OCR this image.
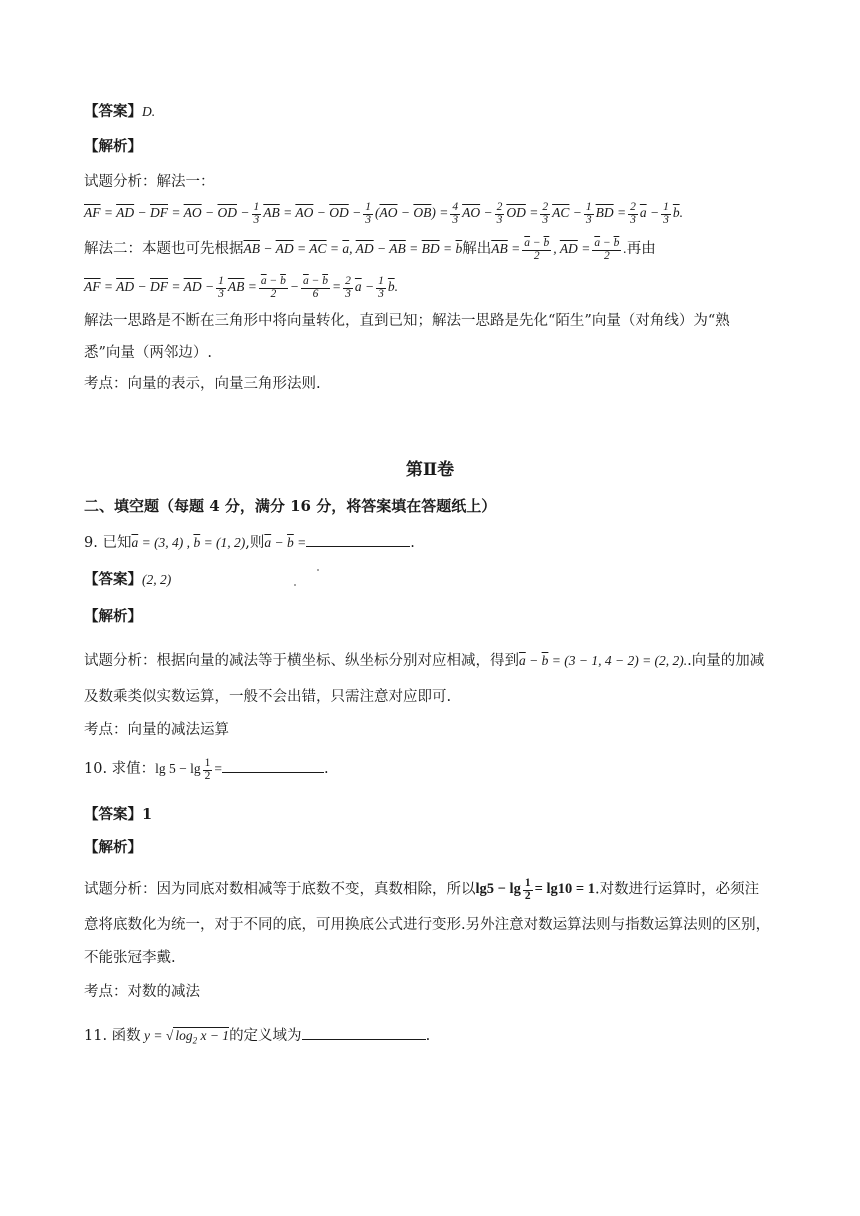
【答案】D.
【解析】
试题分析：解法一：
$\overline{AF} = \overline{AD} - \overline{DF} = \overline{AO} - \overline{OD} - \frac{1}{3} \overline{AB} = \overline{AO} - \overline{OD} - \frac{1}{3} (\overline{AO} - \overline{OB}) = \frac{4}{3} \overline{AO} - \frac{2}{3} \overline{OD} = \frac{2}{3} \overline{AC} - \frac{1}{3} \overline{BD} = \frac{2}{3} \overline{a} - \frac{1}{3} \overline{b}$.
解法二：本题也可先根据$\overline{AB} - \overline{AD} = \overline{AC} = \overline{a}$, $\overline{AD} - \overline{AB} = \overline{BD} = \overline{b}$解出$\overline{AB} = \frac{\overline{a} - \overline{b}}{2}$ , $\overline{AD} = \frac{\overline{a} - \overline{b}}{2}$ .再由
$\overline{AF} = \overline{AD} - \overline{DF} = \overline{AD} - \frac{1}{3} \overline{AB} = \frac{\overline{a} - \overline{b}}{2} - \frac{\overline{a} - \overline{b}}{6} = \frac{2}{3} \overline{a} - \frac{1}{3} \overline{b}$.
解法一思路是不断在三角形中将向量转化，直到已知；解法一思路是先化“陌生”向量（对角线）为“熟
悉”向量（两邻边）.
考点：向量的表示，向量三角形法则.
第Ⅱ卷
二、填空题（每题 4 分，满分 16 分，将答案填在答题纸上）
9. 已知$\overline{a} = (3$, 4) , $\overline{b} = (1$, 2),则$\overline{a} - \overline{b}$ =	.
【答案】(2, 2)
【解析】
试题分析：根据向量的减法等于横坐标、纵坐标分别对应相减，得到$\overline{a} - \overline{b} = (3 - 1$, 4 − 2) = (2, 2)..向量的加减
及数乘类似实数运算，一般不会出错，只需注意对应即可.
考点：向量的减法运算
10. 求值：$\lg 5 - \lg \frac{1}{2}$ =	.
【答案】1
【解析】
试题分析：因为同底对数相减等于底数不变，真数相除，所以$\lg 5 - \lg \frac{1}{2} = \lg 10 = 1$.对数进行运算时，必须注
意将底数化为统一，对于不同的底，可用换底公式进行变形.另外注意对数运算法则与指数运算法则的区别，
不能张冠李戴.
考点：对数的减法
11. 函数 y = √ $\log_2 x - 1$的定义域为	.
